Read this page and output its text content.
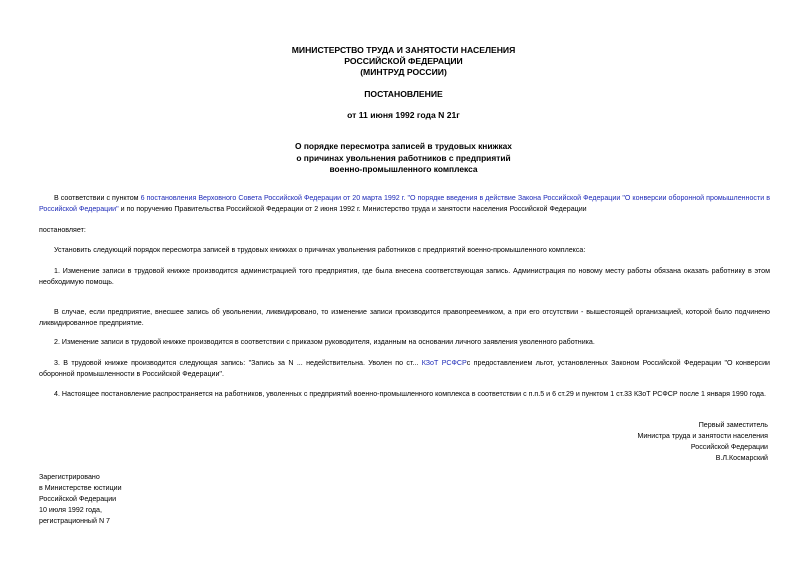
МИНИСТЕРСТВО ТРУДА И ЗАНЯТОСТИ НАСЕЛЕНИЯ
РОССИЙСКОЙ ФЕДЕРАЦИИ
(МИНТРУД РОССИИ)
ПОСТАНОВЛЕНИЕ
от 11 июня 1992 года N 21г
О порядке пересмотра записей в трудовых книжках
о причинах увольнения работников с предприятий
военно-промышленного комплекса

В соответствии с пунктом 6 постановления Верховного Совета Российской Федерации от 20 марта 1992 г. "О порядке введения в действие Закона Российской Федерации "О конверсии оборонной промышленности в Российской Федерации" и по поручению Правительства Российской Федерации от 2 июня 1992 г. Министерство труда и занятости населения Российской Федерации

постановляет:

Установить следующий порядок пересмотра записей в трудовых книжках о причинах увольнения работников с предприятий военно-промышленного комплекса:

1. Изменение записи в трудовой книжке производится администрацией того предприятия, где была внесена соответствующая запись. Администрация по новому месту работы обязана оказать работнику в этом необходимую помощь.

В случае, если предприятие, внесшее запись об увольнении, ликвидировано, то изменение записи производится правопреемником, а при его отсутствии - вышестоящей организацией, которой было подчинено ликвидированное предприятие.

2. Изменение записи в трудовой книжке производится в соответствии с приказом руководителя, изданным на основании личного заявления уволенного работника.

3. В трудовой книжке производится следующая запись: "Запись за N ... недействительна. Уволен по ст... КЗоТ РСФСРс предоставлением льгот, установленных Законом Российской Федерации "О конверсии оборонной промышленности в Российской Федерации".

4. Настоящее постановление распространяется на работников, уволенных с предприятий военно-промышленного комплекса в соответствии с п.п.5 и 6 ст.29 и пунктом 1 ст.33 КЗоТ РСФСР после 1 января 1990 года.

Первый заместитель
Министра труда и занятости населения
Российской Федерации
В.Л.Космарский
Зарегистрировано
в Министерстве юстиции
Российской Федерации
10 июля 1992 года,
регистрационный N 7
